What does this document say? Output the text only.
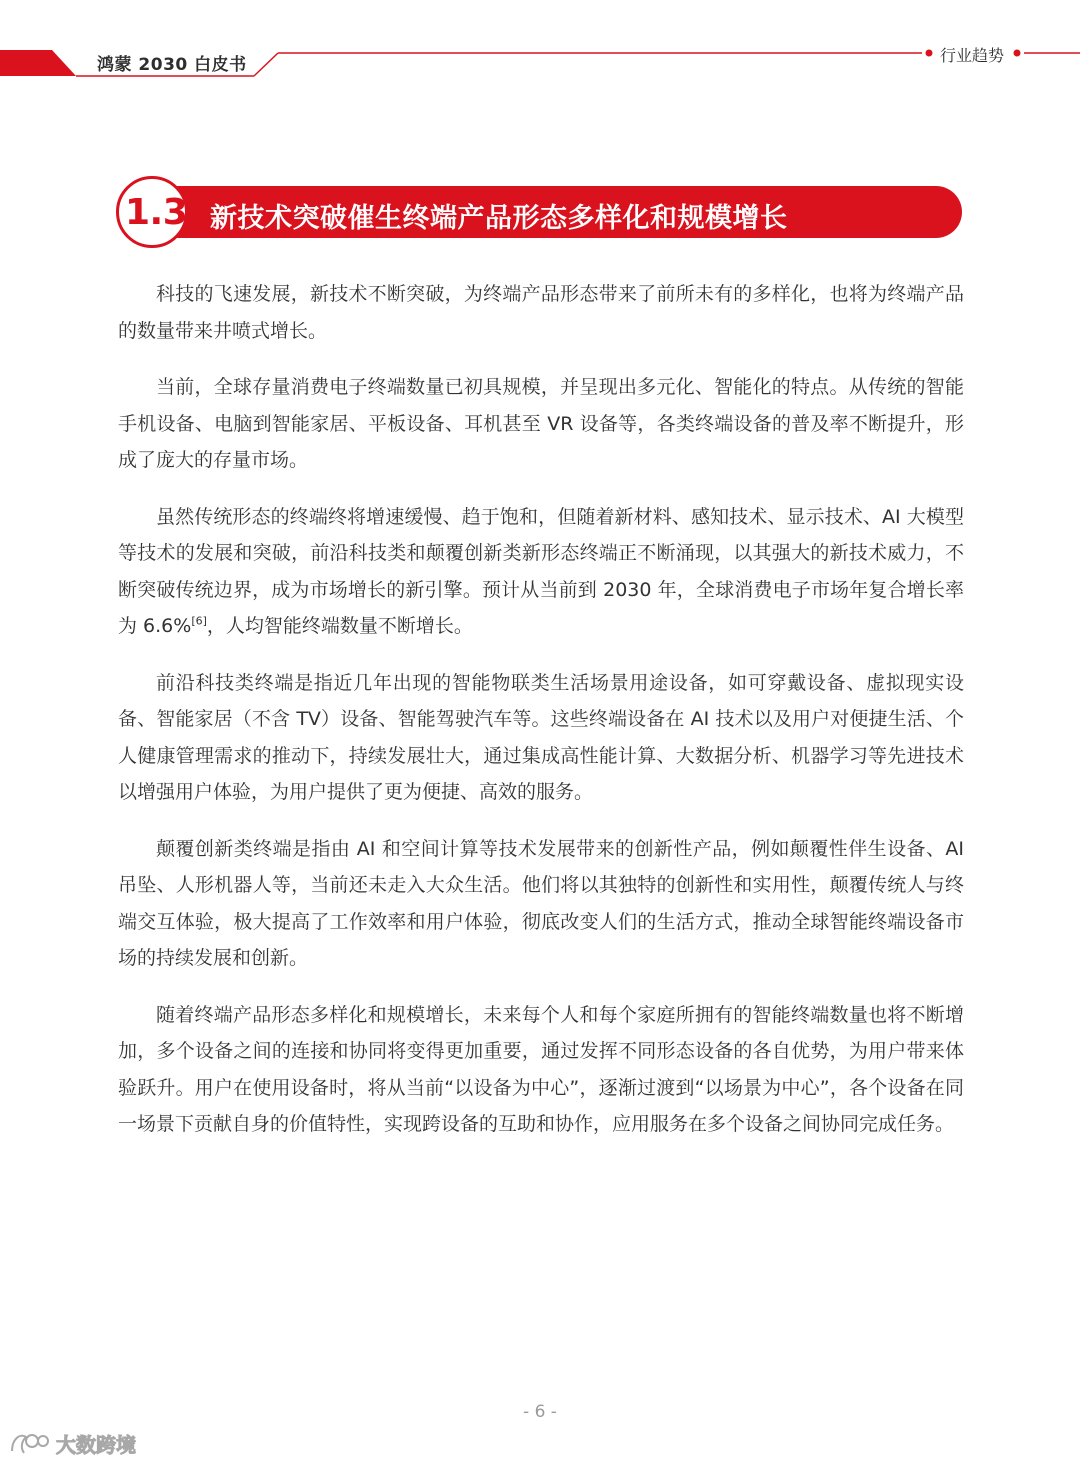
鸿蒙 2030 白皮书	行业趋势
1.3 新技术突破催生终端产品形态多样化和规模增长

科技的飞速发展，新技术不断突破，为终端产品形态带来了前所未有的多样化，也将为终端产品的数量带来井喷式增长。

当前，全球存量消费电子终端数量已初具规模，并呈现出多元化、智能化的特点。从传统的智能手机设备、电脑到智能家居、平板设备、耳机甚至 VR 设备等，各类终端设备的普及率不断提升，形成了庞大的存量市场。

虽然传统形态的终端终将增速缓慢、趋于饱和，但随着新材料、感知技术、显示技术、AI 大模型等技术的发展和突破，前沿科技类和颠覆创新类新形态终端正不断涌现，以其强大的新技术威力，不断突破传统边界，成为市场增长的新引擎。预计从当前到 2030 年，全球消费电子市场年复合增长率为 6.6%[6]，人均智能终端数量不断增长。

前沿科技类终端是指近几年出现的智能物联类生活场景用途设备，如可穿戴设备、虚拟现实设备、智能家居（不含 TV）设备、智能驾驶汽车等。这些终端设备在 AI 技术以及用户对便捷生活、个人健康管理需求的推动下，持续发展壮大，通过集成高性能计算、大数据分析、机器学习等先进技术以增强用户体验，为用户提供了更为便捷、高效的服务。

颠覆创新类终端是指由 AI 和空间计算等技术发展带来的创新性产品，例如颠覆性伴生设备、AI 吊坠、人形机器人等，当前还未走入大众生活。他们将以其独特的创新性和实用性，颠覆传统人与终端交互体验，极大提高了工作效率和用户体验，彻底改变人们的生活方式，推动全球智能终端设备市场的持续发展和创新。

随着终端产品形态多样化和规模增长，未来每个人和每个家庭所拥有的智能终端数量也将不断增加，多个设备之间的连接和协同将变得更加重要，通过发挥不同形态设备的各自优势，为用户带来体验跃升。用户在使用设备时，将从当前“以设备为中心”，逐渐过渡到“以场景为中心”，各个设备在同一场景下贡献自身的价值特性，实现跨设备的互助和协作，应用服务在多个设备之间协同完成任务。

- 6 -
大数跨境
